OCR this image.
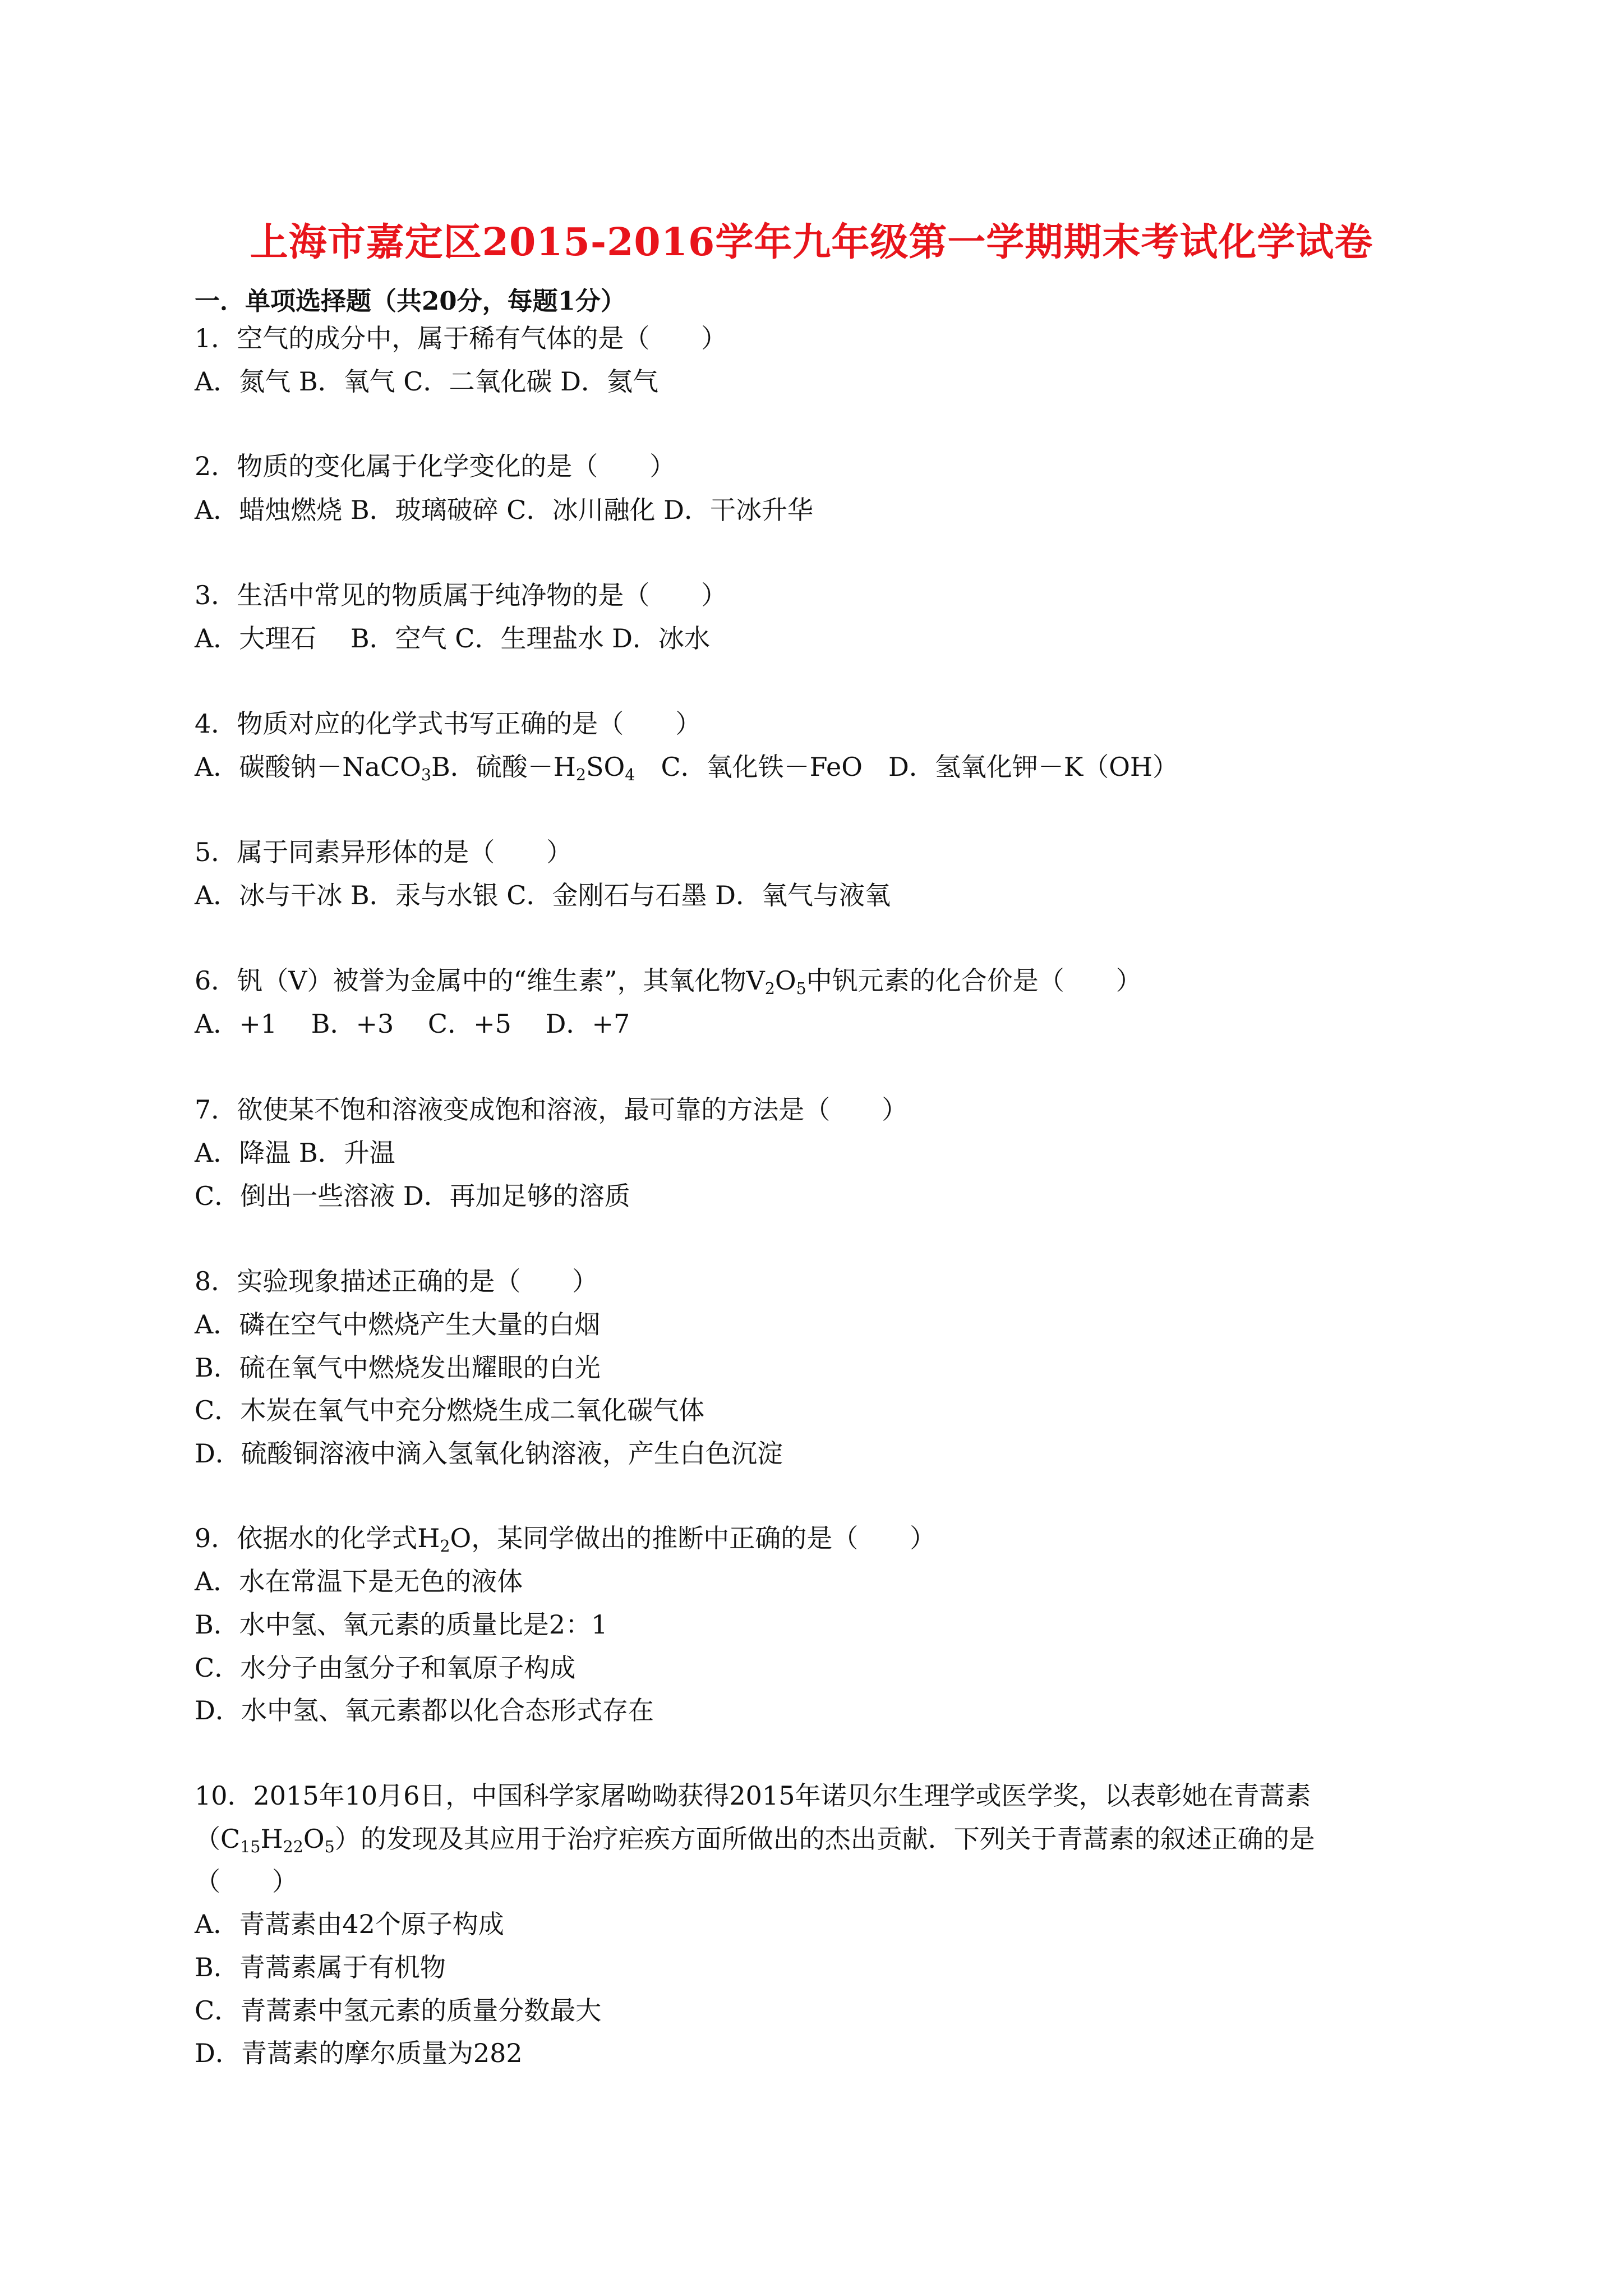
上海市嘉定区2015-2016学年九年级第一学期期末考试化学试卷
一．单项选择题（共20分，每题1分）
1．空气的成分中，属于稀有气体的是（　　）
A．氮气 B．氧气 C．二氧化碳 D．氦气
2．物质的变化属于化学变化的是（　　）
A．蜡烛燃烧 B．玻璃破碎 C．冰川融化 D．干冰升华
3．生活中常见的物质属于纯净物的是（　　）
A．大理石　 B．空气 C．生理盐水 D．冰水
4．物质对应的化学式书写正确的是（　　）
A．碳酸钠－NaCO$_3$B．硫酸$-H_2SO_4$　C．氧化铁－FeO　D．氢氧化钾－K（OH）
5．属于同素异形体的是（　　）
A．冰与干冰 B．汞与水银 C．金刚石与石墨 D．氧气与液氧
6．钒（V）被誉为金属中的“维生素”，其氧化物$V_2O_5$中钒元素的化合价是（　　）
A．+1　 B．+3　 C．+5　 D．+7
7．欲使某不饱和溶液变成饱和溶液，最可靠的方法是（　　）
A．降温 B．升温
C．倒出一些溶液 D．再加足够的溶质
8．实验现象描述正确的是（　　）
A．磷在空气中燃烧产生大量的白烟
B．硫在氧气中燃烧发出耀眼的白光
C．木炭在氧气中充分燃烧生成二氧化碳气体
D．硫酸铜溶液中滴入氢氧化钠溶液，产生白色沉淀
9．依据水的化学式$H_2O$，某同学做出的推断中正确的是（　　）
A．水在常温下是无色的液体
B．水中氢、氧元素的质量比是2：1
C．水分子由氢分子和氧原子构成
D．水中氢、氧元素都以化合态形式存在
10．2015年10月6日，中国科学家屠呦呦获得2015年诺贝尔生理学或医学奖，以表彰她在青蒿素
$(C_{15}H_{22}O_5)$的发现及其应用于治疗疟疾方面所做出的杰出贡献．下列关于青蒿素的叙述正确的是
（　　）
A．青蒿素由42个原子构成
B．青蒿素属于有机物
C．青蒿素中氢元素的质量分数最大
D．青蒿素的摩尔质量为282
